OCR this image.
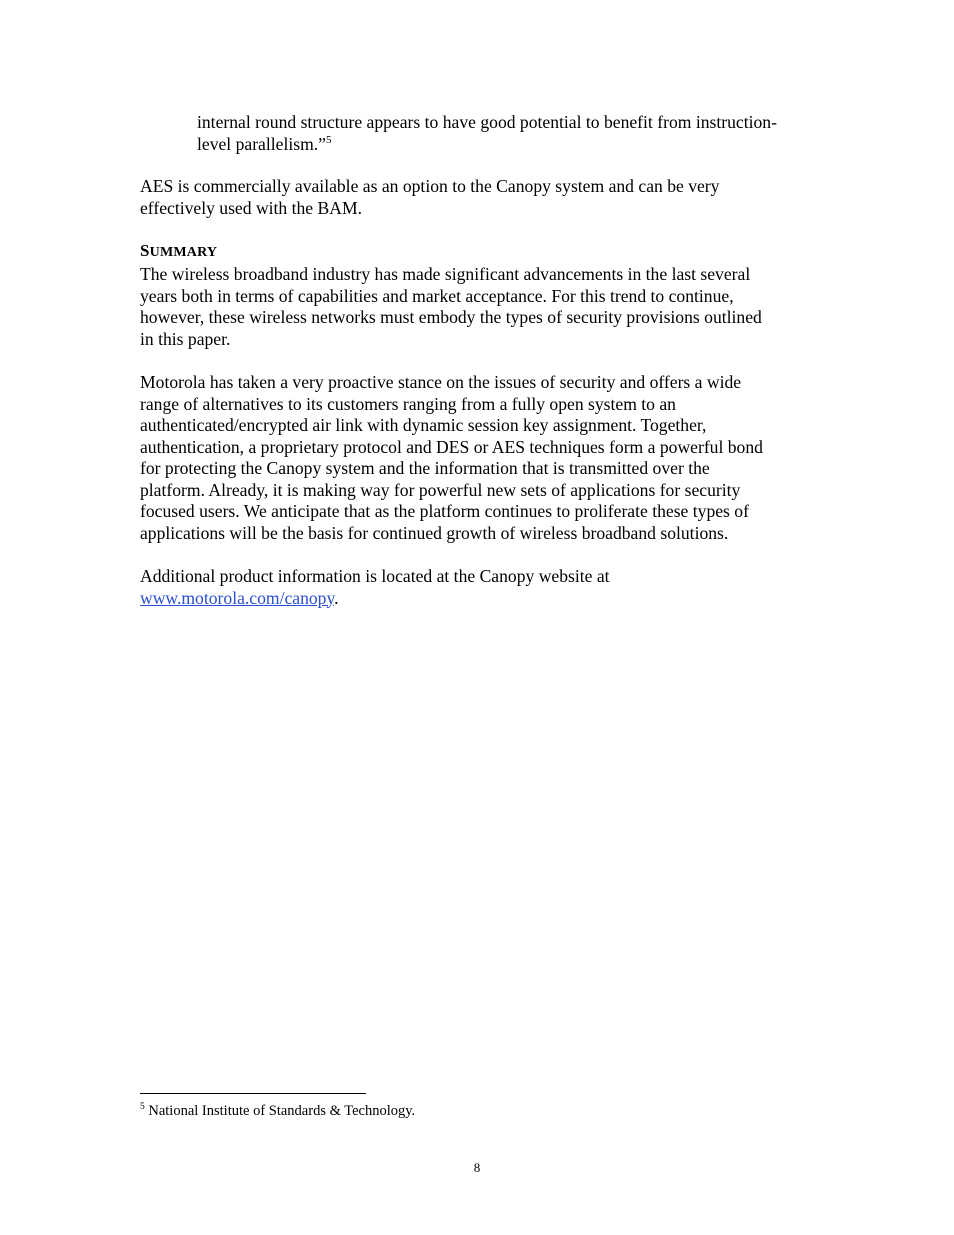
internal round structure appears to have good potential to benefit from instruction-
level parallelism.”$^5$

AES is commercially available as an option to the Canopy system and can be very
effectively used with the BAM.

SUMMARY

The wireless broadband industry has made significant advancements in the last several
years both in terms of capabilities and market acceptance. For this trend to continue,
however, these wireless networks must embody the types of security provisions outlined
in this paper.

Motorola has taken a very proactive stance on the issues of security and offers a wide
range of alternatives to its customers ranging from a fully open system to an
authenticated/encrypted air link with dynamic session key assignment. Together,
authentication, a proprietary protocol and DES or AES techniques form a powerful bond
for protecting the Canopy system and the information that is transmitted over the
platform. Already, it is making way for powerful new sets of applications for security
focused users. We anticipate that as the platform continues to proliferate these types of
applications will be the basis for continued growth of wireless broadband solutions.

Additional product information is located at the Canopy website at
www.motorola.com/canopy.

$^5$ National Institute of Standards & Technology.

8
